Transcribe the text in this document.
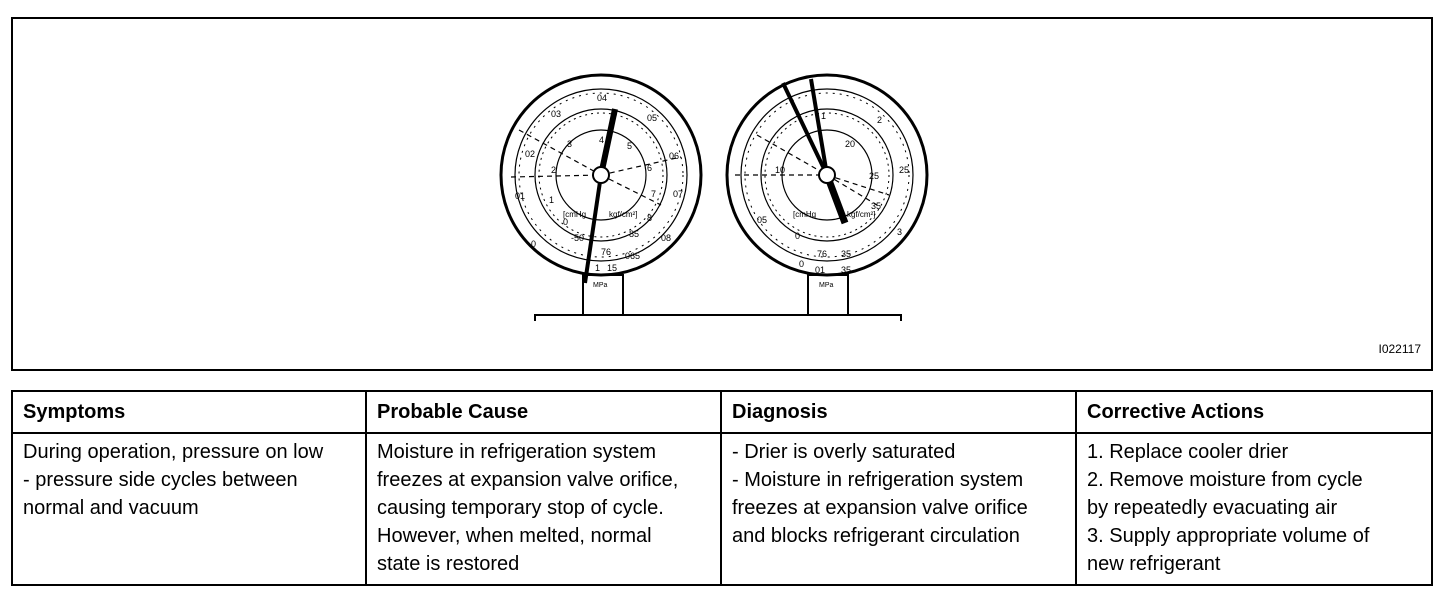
04
03
02
01
0
05
06
07
08
065
3
2
1
0
4
5
6
7
8
85
1 15
-50
76
[cmHg	kgf/cm²]
MPa
1	2
25
3
05
0
01 35
10
20
25
35
0
76 35
[cmHg	kgf/cm²]
MPa
I022117
Symptoms	Probable Cause	Diagnosis	Corrective Actions

During operation, pressure on low
- pressure side cycles between
normal and vacuum	Moisture in refrigeration system
freezes at expansion valve orifice,
causing temporary stop of cycle.
However, when melted, normal
state is restored	- Drier is overly saturated
- Moisture in refrigeration system
freezes at expansion valve orifice
and blocks refrigerant circulation	1. Replace cooler drier
2. Remove moisture from cycle
by repeatedly evacuating air
3. Supply appropriate volume of
new refrigerant
